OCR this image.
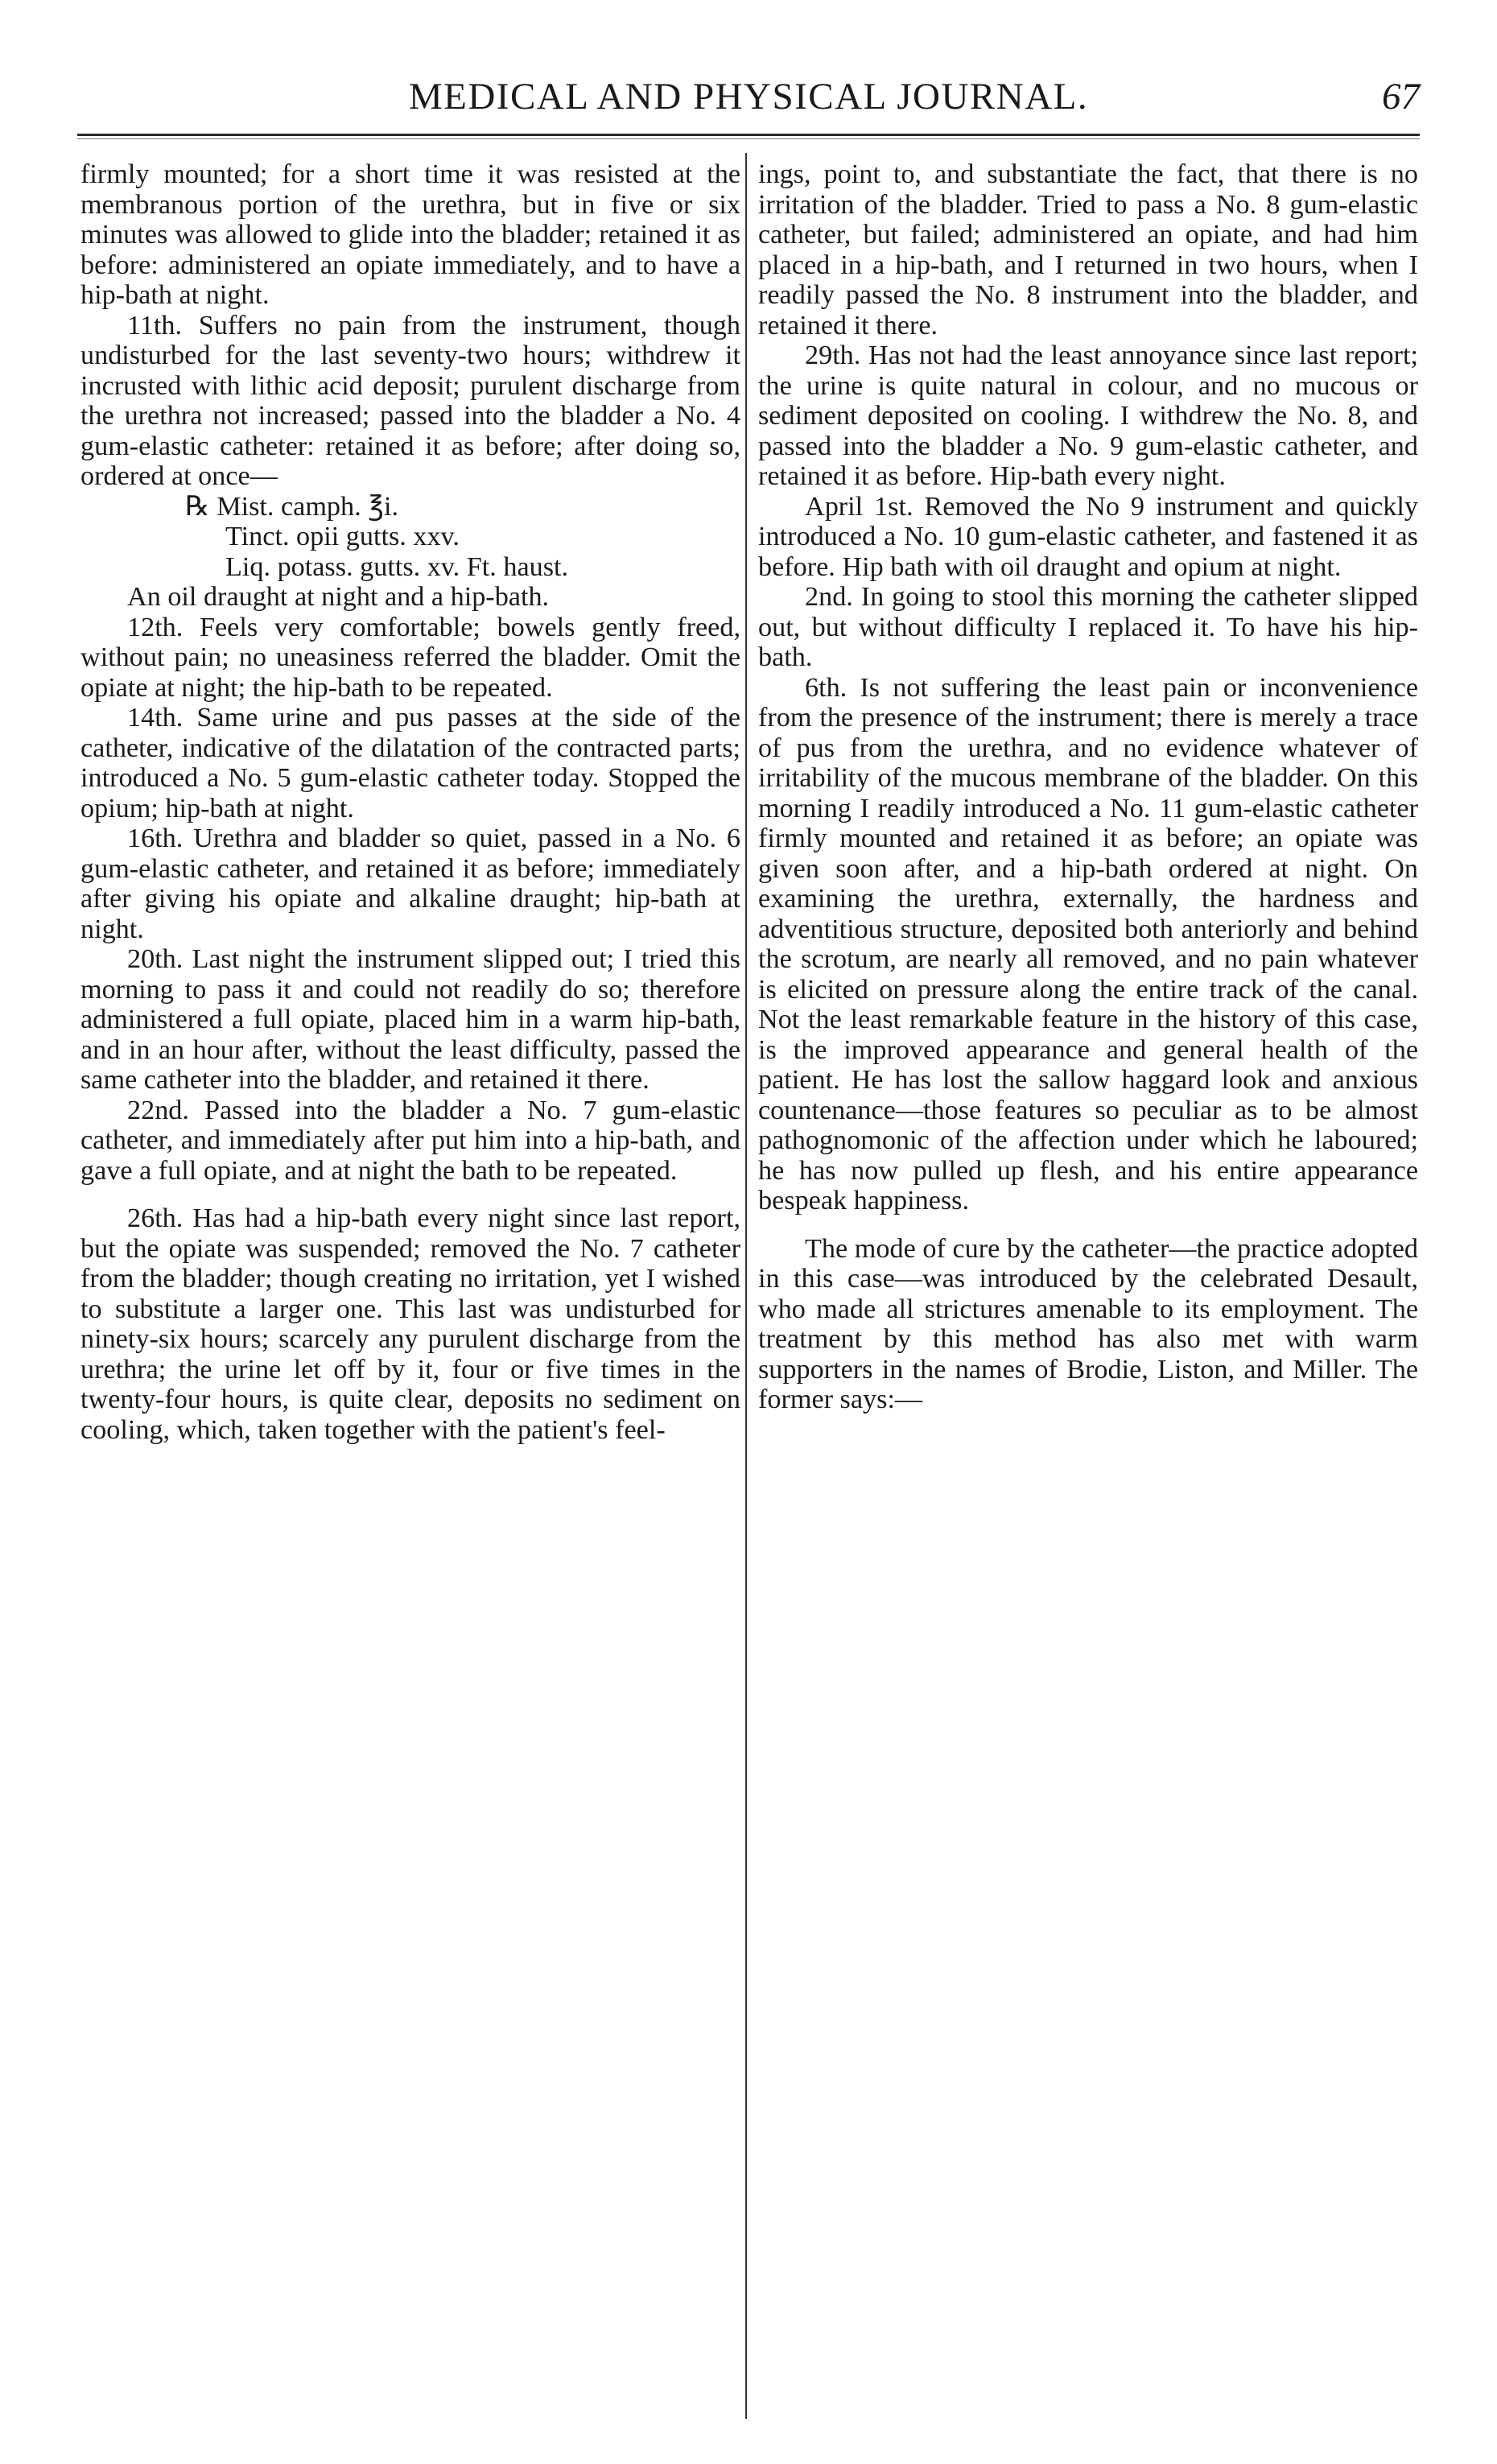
MEDICAL AND PHYSICAL JOURNAL.	67

firmly mounted; for a short time it was resisted at the membranous portion of the urethra, but in five or six minutes was allowed to glide into the bladder; retained it as before: administered an opiate immediately, and to have a hip-bath at night.

11th. Suffers no pain from the instrument, though undisturbed for the last seventy-two hours; withdrew it incrusted with lithic acid deposit; purulent discharge from the urethra not increased; passed into the bladder a No. 4 gum-elastic catheter: retained it as before; after doing so, ordered at once—

℞ Mist. camph. ℥i.

Tinct. opii gutts. xxv.

Liq. potass. gutts. xv. Ft. haust.

An oil draught at night and a hip-bath.

12th. Feels very comfortable; bowels gently freed, without pain; no uneasiness referred the bladder. Omit the opiate at night; the hip-bath to be repeated.

14th. Same urine and pus passes at the side of the catheter, indicative of the dilatation of the contracted parts; introduced a No. 5 gum-elastic catheter today. Stopped the opium; hip-bath at night.

16th. Urethra and bladder so quiet, passed in a No. 6 gum-elastic catheter, and retained it as before; immediately after giving his opiate and alkaline draught; hip-bath at night.

20th. Last night the instrument slipped out; I tried this morning to pass it and could not readily do so; therefore administered a full opiate, placed him in a warm hip-bath, and in an hour after, without the least difficulty, passed the same catheter into the bladder, and retained it there.

22nd. Passed into the bladder a No. 7 gum-elastic catheter, and immediately after put him into a hip-bath, and gave a full opiate, and at night the bath to be repeated.

26th. Has had a hip-bath every night since last report, but the opiate was suspended; removed the No. 7 catheter from the bladder; though creating no irritation, yet I wished to substitute a larger one. This last was undisturbed for ninety-six hours; scarcely any purulent discharge from the urethra; the urine let off by it, four or five times in the twenty-four hours, is quite clear, deposits no sediment on cooling, which, taken together with the patient's feel-

ings, point to, and substantiate the fact, that there is no irritation of the bladder. Tried to pass a No. 8 gum-elastic catheter, but failed; administered an opiate, and had him placed in a hip-bath, and I returned in two hours, when I readily passed the No. 8 instrument into the bladder, and retained it there.

29th. Has not had the least annoyance since last report; the urine is quite natural in colour, and no mucous or sediment deposited on cooling. I withdrew the No. 8, and passed into the bladder a No. 9 gum-elastic catheter, and retained it as before. Hip-bath every night.

April 1st. Removed the No 9 instrument and quickly introduced a No. 10 gum-elastic catheter, and fastened it as before. Hip bath with oil draught and opium at night.

2nd. In going to stool this morning the catheter slipped out, but without difficulty I replaced it. To have his hip-bath.

6th. Is not suffering the least pain or inconvenience from the presence of the instrument; there is merely a trace of pus from the urethra, and no evidence whatever of irritability of the mucous membrane of the bladder. On this morning I readily introduced a No. 11 gum-elastic catheter firmly mounted and retained it as before; an opiate was given soon after, and a hip-bath ordered at night. On examining the urethra, externally, the hardness and adventitious structure, deposited both anteriorly and behind the scrotum, are nearly all removed, and no pain whatever is elicited on pressure along the entire track of the canal. Not the least remarkable feature in the history of this case, is the improved appearance and general health of the patient. He has lost the sallow haggard look and anxious countenance—those features so peculiar as to be almost pathognomonic of the affection under which he laboured; he has now pulled up flesh, and his entire appearance bespeak happiness.

The mode of cure by the catheter—the practice adopted in this case—was introduced by the celebrated Desault, who made all strictures amenable to its employment. The treatment by this method has also met with warm supporters in the names of Brodie, Liston, and Miller. The former says:—
